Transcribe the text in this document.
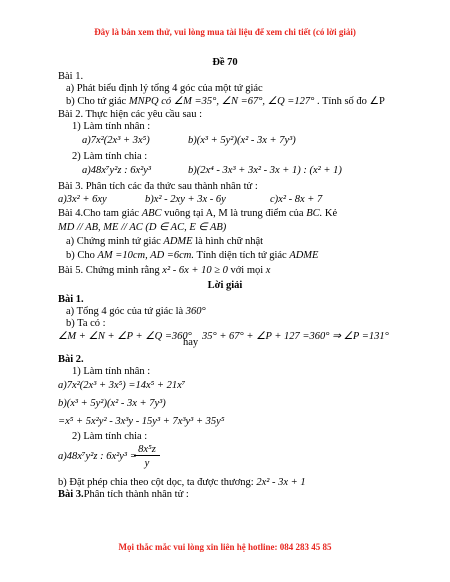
Đây là bản xem thử, vui lòng mua tài liệu để xem chi tiết (có lời giải)
Đề 70
Bài 1.
a) Phát biểu định lý tổng 4 góc của một tứ giác
b) Cho tứ giác MNPQ có ∠M =35°, ∠N =67°, ∠Q =127° . Tính số đo ∠P
Bài 2. Thực hiện các yêu cầu sau :
1) Làm tính nhân :
a)7x²(2x³ + 3x⁵)	b)(x³ + 5y²)(x² - 3x + 7y³)
2) Làm tính chia :
a)48x⁷y²z : 6x²y³	b)(2x⁴ - 3x³ + 3x² - 3x + 1) : (x² + 1)
Bài 3. Phân tích các đa thức sau thành nhân tử :
a)3x² + 6xy	b)x² - 2xy + 3x - 6y	c)x² - 8x + 7
Bài 4.Cho tam giác ABC vuông tại A, M là trung điểm của BC. Kẻ
MD // AB, ME // AC (D ∈ AC, E ∈ AB)
a) Chứng minh tứ giác ADME là hình chữ nhật
b) Cho AM =10cm, AD =6cm. Tính diện tích tứ giác ADME
Bài 5. Chứng minh rằng x² - 6x + 10 ≥ 0 với mọi x
Lời giải
Bài 1.
a) Tổng 4 góc của tứ giác là 360°
b) Ta có :
∠M + ∠N + ∠P + ∠Q =360°
hay
35° + 67° + ∠P + 127 =360° ⇒ ∠P =131°
Bài 2.
1) Làm tính nhân :
a)7x²(2x³ + 3x⁵) =14x⁵ + 21x⁷
b)(x³ + 5y²)(x² - 3x + 7y³)
=x⁵ + 5x²y² - 3x³y - 15y³ + 7x³y³ + 35y⁵
2) Làm tính chia :
a)48x⁷y²z : 6x²y³ =
8x⁵z
y
b) Đặt phép chia theo cột dọc, ta được thương: 2x² - 3x + 1
Bài 3.Phân tích thành nhân tử :
Mọi thắc mắc vui lòng xin liên hệ hotline: 084 283 45 85
